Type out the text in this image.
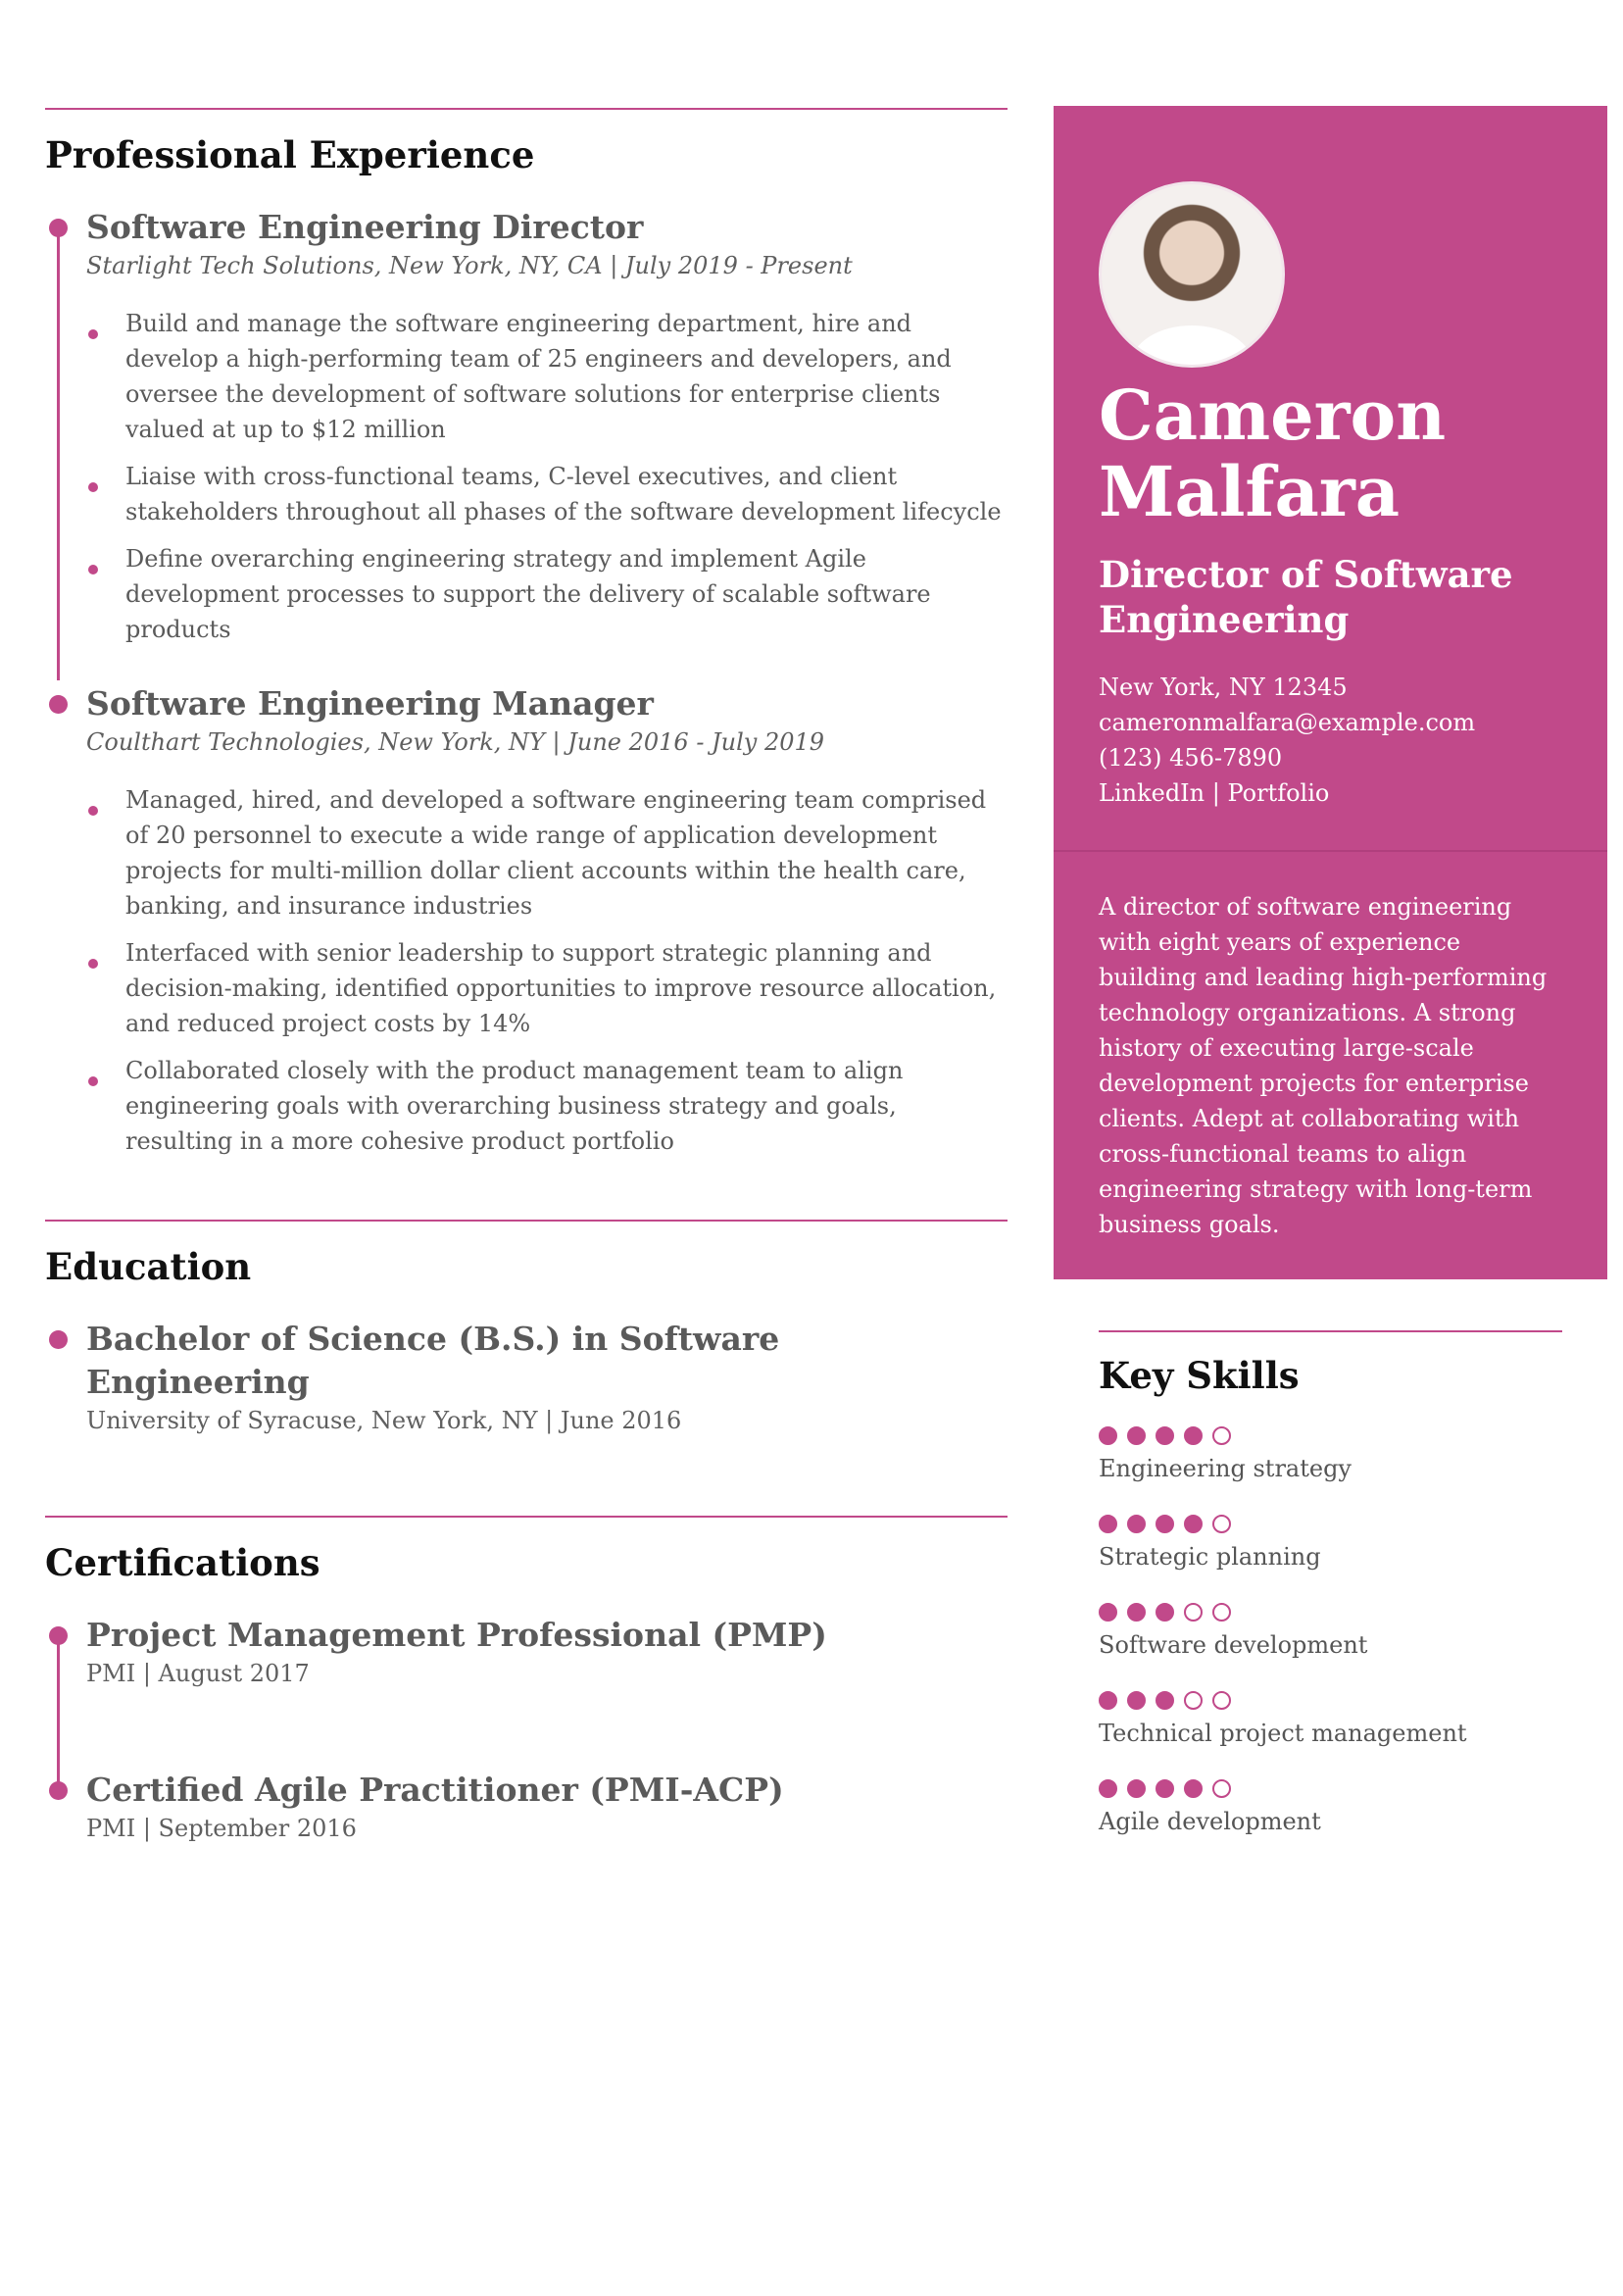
Professional Experience
Software Engineering Director

Starlight Tech Solutions, New York, NY, CA | July 2019 - Present

Build and manage the software engineering department, hire and develop a high-performing team of 25 engineers and developers, and oversee the development of software solutions for enterprise clients valued at up to $12 million
Liaise with cross-functional teams, C-level executives, and client stakeholders throughout all phases of the software development lifecycle
Define overarching engineering strategy and implement Agile development processes to support the delivery of scalable software products
Software Engineering Manager

Coulthart Technologies, New York, NY | June 2016 - July 2019

Managed, hired, and developed a software engineering team comprised of 20 personnel to execute a wide range of application development projects for multi-million dollar client accounts within the health care, banking, and insurance industries
Interfaced with senior leadership to support strategic planning and decision-making, identified opportunities to improve resource allocation, and reduced project costs by 14%
Collaborated closely with the product management team to align engineering goals with overarching business strategy and goals, resulting in a more cohesive product portfolio
Education
Bachelor of Science (B.S.) in Software Engineering

University of Syracuse, New York, NY | June 2016

Certifications
Project Management Professional (PMP)

PMI | August 2017

Certified Agile Practitioner (PMI-ACP)

PMI | September 2016

Cameron
Malfara
Director of Software Engineering
New York, NY 12345
cameronmalfara@example.com
(123) 456-7890
LinkedIn | Portfolio
A director of software engineering with eight years of experience building and leading high-performing technology organizations. A strong history of executing large-scale development projects for enterprise clients. Adept at collaborating with cross-functional teams to align engineering strategy with long-term business goals.
Key Skills
Engineering strategy
Strategic planning
Software development
Technical project management
Agile development
